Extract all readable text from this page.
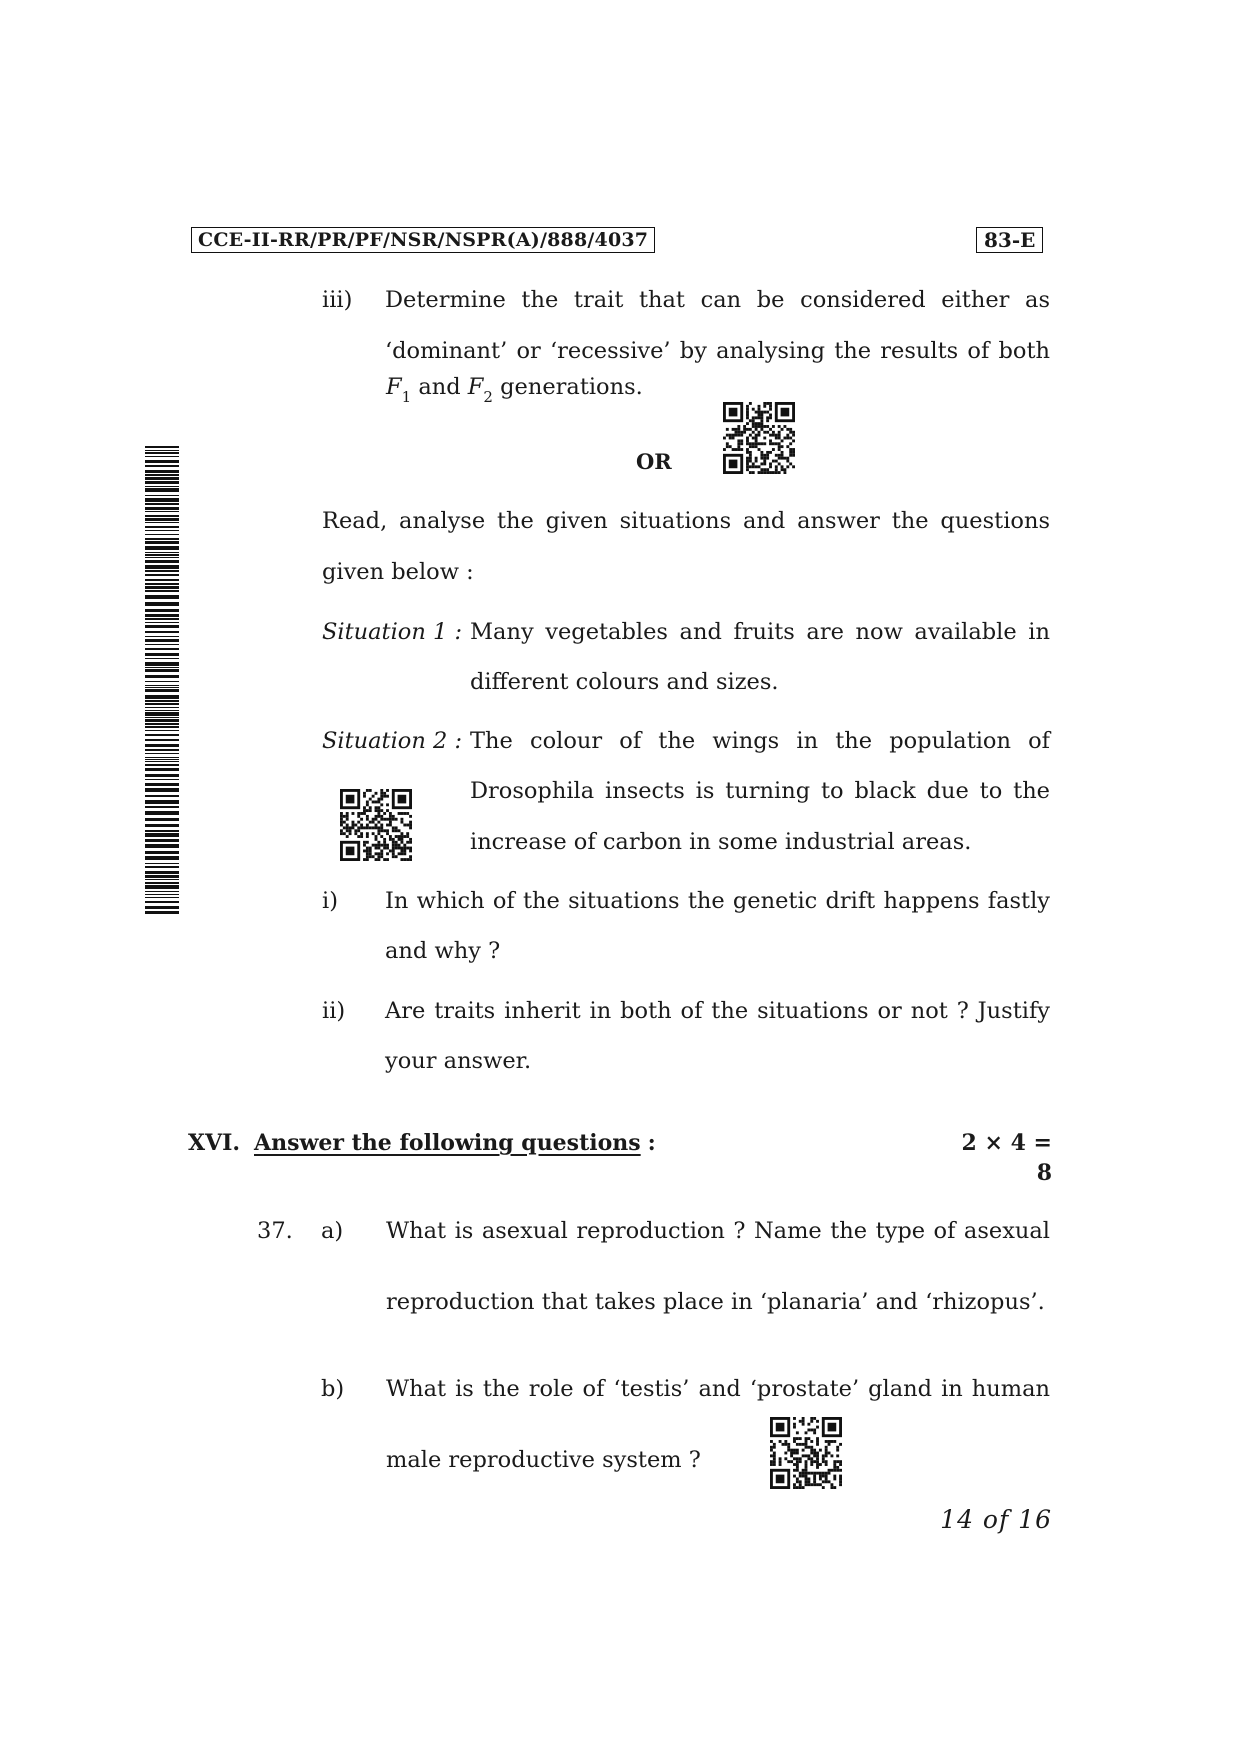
CCE-II-RR/PR/PF/NSR/NSPR(A)/888/4037	83-E
iii) Determine the trait that can be considered either as
‘dominant’ or ‘recessive’ by analysing the results of both
$F_1$ and $F_2$ generations.
OR
Read, analyse the given situations and answer the questions
given below :
Situation 1 : Many vegetables and fruits are now available in
different colours and sizes.
Situation 2 : The colour of the wings in the population of
Drosophila insects is turning to black due to the
increase of carbon in some industrial areas.
i) In which of the situations the genetic drift happens fastly
and why ?
ii) Are traits inherit in both of the situations or not ? Justify
your answer.
XVI. Answer the following questions :	2 × 4 = 8
37. a) What is asexual reproduction ? Name the type of asexual
reproduction that takes place in ‘planaria’ and ‘rhizopus’.
b) What is the role of ‘testis’ and ‘prostate’ gland in human
male reproductive system ?
14 of 16
